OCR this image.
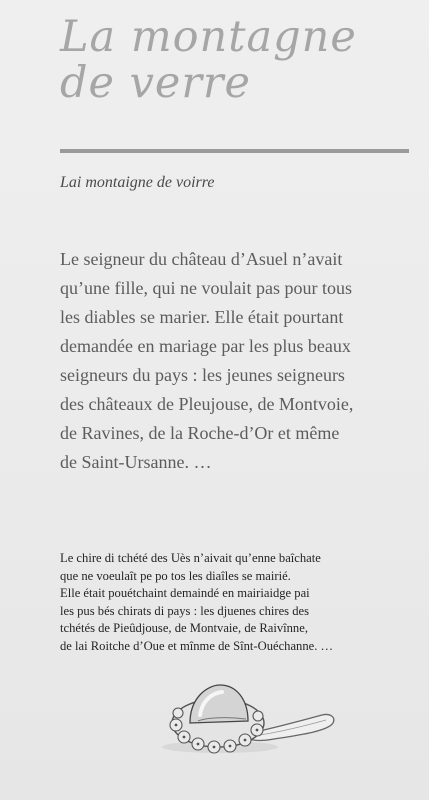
La montagne
de verre
Lai montaigne de voirre
Le seigneur du château d’Asuel n’avait
qu’une fille, qui ne voulait pas pour tous
les diables se marier. Elle était pourtant
demandée en mariage par les plus beaux
seigneurs du pays : les jeunes seigneurs
des châteaux de Pleujouse, de Montvoie,
de Ravines, de la Roche-d’Or et même
de Saint-Ursanne. …
Le chire di tchété des Uès n’aivait qu’enne baîchate
que ne voeulaît pe po tos les diaîles se mairié.
Elle était pouétchaint demaindé en mairiaidge pai
les pus bés chirats di pays : les djuenes chires des
tchétés de Pieûdjouse, de Montvaie, de Raivînne,
de lai Roitche d’Oue et mînme de Sînt-Ouéchanne. …
